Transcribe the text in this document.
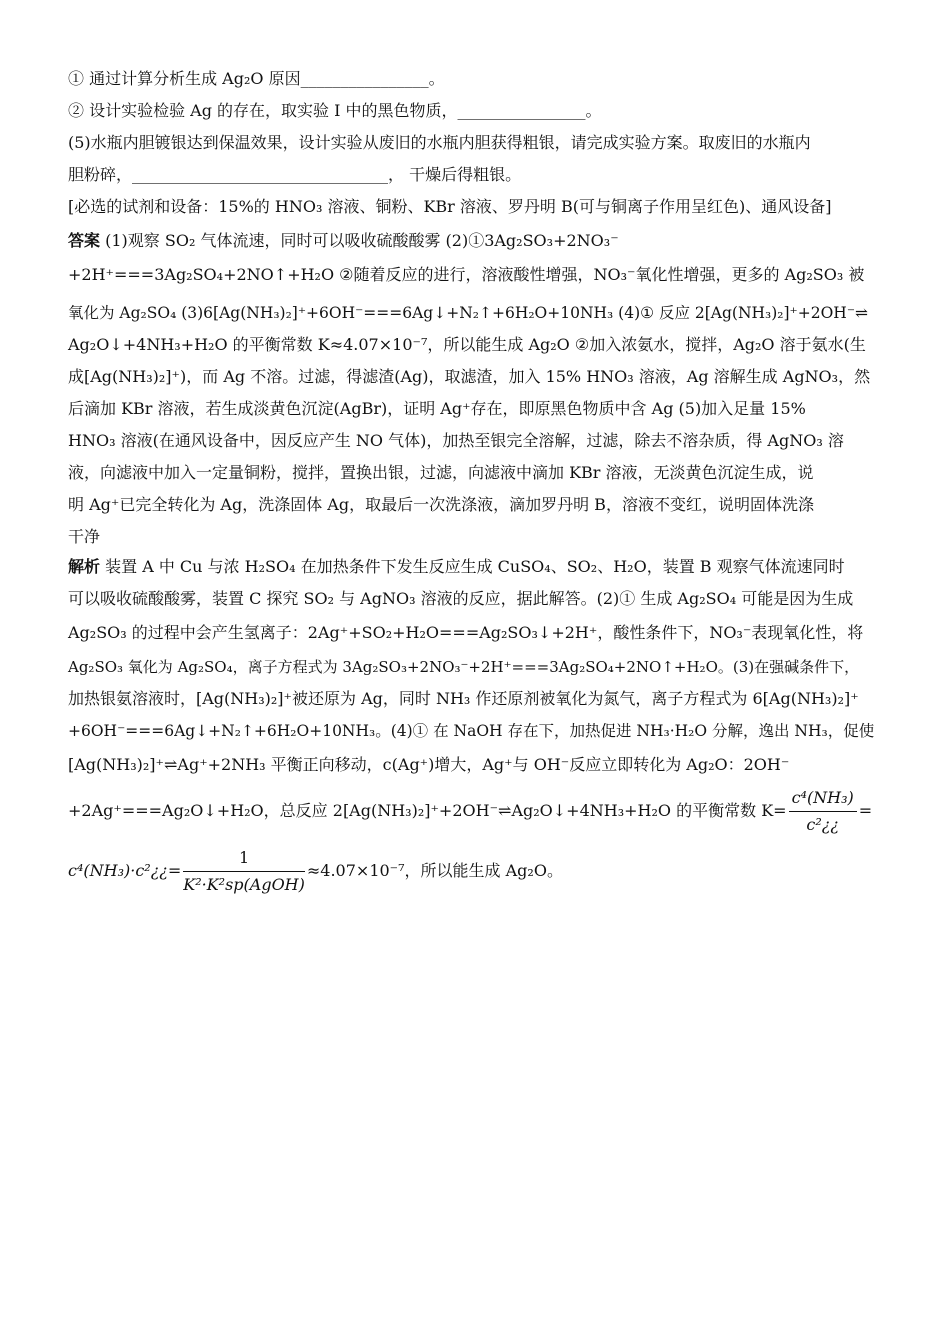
① 通过计算分析生成 Ag₂O 原因________________。
② 设计实验检验 Ag 的存在，取实验 I 中的黑色物质，________________。
(5)水瓶内胆镀银达到保温效果，设计实验从废旧的水瓶内胆获得粗银，请完成实验方案。取废旧的水瓶内
胆粉碎，________________________________， 干燥后得粗银。
[必选的试剂和设备：15%的 HNO₃ 溶液、铜粉、KBr 溶液、罗丹明 B(可与铜离子作用呈红色)、通风设备]
答案 (1)观察 SO₂ 气体流速，同时可以吸收硫酸酸雾 (2)①3Ag₂SO₃+2NO₃⁻
+2H⁺===3Ag₂SO₄+2NO↑+H₂O ②随着反应的进行，溶液酸性增强，NO₃⁻氧化性增强，更多的 Ag₂SO₃ 被
氧化为 Ag₂SO₄ (3)6[Ag(NH₃)₂]⁺+6OH⁻===6Ag↓+N₂↑+6H₂O+10NH₃ (4)① 反应 2[Ag(NH₃)₂]⁺+2OH⁻⇌
Ag₂O↓+4NH₃+H₂O 的平衡常数 K≈4.07×10⁻⁷，所以能生成 Ag₂O ②加入浓氨水，搅拌，Ag₂O 溶于氨水(生
成[Ag(NH₃)₂]⁺)，而 Ag 不溶。过滤，得滤渣(Ag)，取滤渣，加入 15% HNO₃ 溶液，Ag 溶解生成 AgNO₃，然
后滴加 KBr 溶液，若生成淡黄色沉淀(AgBr)，证明 Ag⁺存在，即原黑色物质中含 Ag (5)加入足量 15%
HNO₃ 溶液(在通风设备中，因反应产生 NO 气体)，加热至银完全溶解，过滤，除去不溶杂质，得 AgNO₃ 溶
液，向滤液中加入一定量铜粉，搅拌，置换出银，过滤，向滤液中滴加 KBr 溶液，无淡黄色沉淀生成，说
明 Ag⁺已完全转化为 Ag，洗涤固体 Ag，取最后一次洗涤液，滴加罗丹明 B，溶液不变红，说明固体洗涤
干净
解析 装置 A 中 Cu 与浓 H₂SO₄ 在加热条件下发生反应生成 CuSO₄、SO₂、H₂O，装置 B 观察气体流速同时
可以吸收硫酸酸雾，装置 C 探究 SO₂ 与 AgNO₃ 溶液的反应，据此解答。(2)① 生成 Ag₂SO₄ 可能是因为生成
Ag₂SO₃ 的过程中会产生氢离子：2Ag⁺+SO₂+H₂O===Ag₂SO₃↓+2H⁺，酸性条件下，NO₃⁻表现氧化性，将
Ag₂SO₃ 氧化为 Ag₂SO₄，离子方程式为 3Ag₂SO₃+2NO₃⁻+2H⁺===3Ag₂SO₄+2NO↑+H₂O。(3)在强碱条件下，
加热银氨溶液时，[Ag(NH₃)₂]⁺被还原为 Ag，同时 NH₃ 作还原剂被氧化为氮气，离子方程式为 6[Ag(NH₃)₂]⁺
+6OH⁻===6Ag↓+N₂↑+6H₂O+10NH₃。(4)① 在 NaOH 存在下，加热促进 NH₃·H₂O 分解，逸出 NH₃，促使
[Ag(NH₃)₂]⁺⇌Ag⁺+2NH₃ 平衡正向移动，c(Ag⁺)增大，Ag⁺与 OH⁻反应立即转化为 Ag₂O：2OH⁻
+2Ag⁺===Ag₂O↓+H₂O，总反应 2[Ag(NH₃)₂]⁺+2OH⁻⇌Ag₂O↓+4NH₃+H₂O 的平衡常数 $K= \frac{\text{c⁴(NH₃)}}{\text{c²¿¿}}$ =
c⁴(NH₃)·c²¿¿= $\frac{1}{\text{K²·K²sp(AgOH)}} \approx 4.07\times 10^{-7}$，所以能生成 Ag₂O。
